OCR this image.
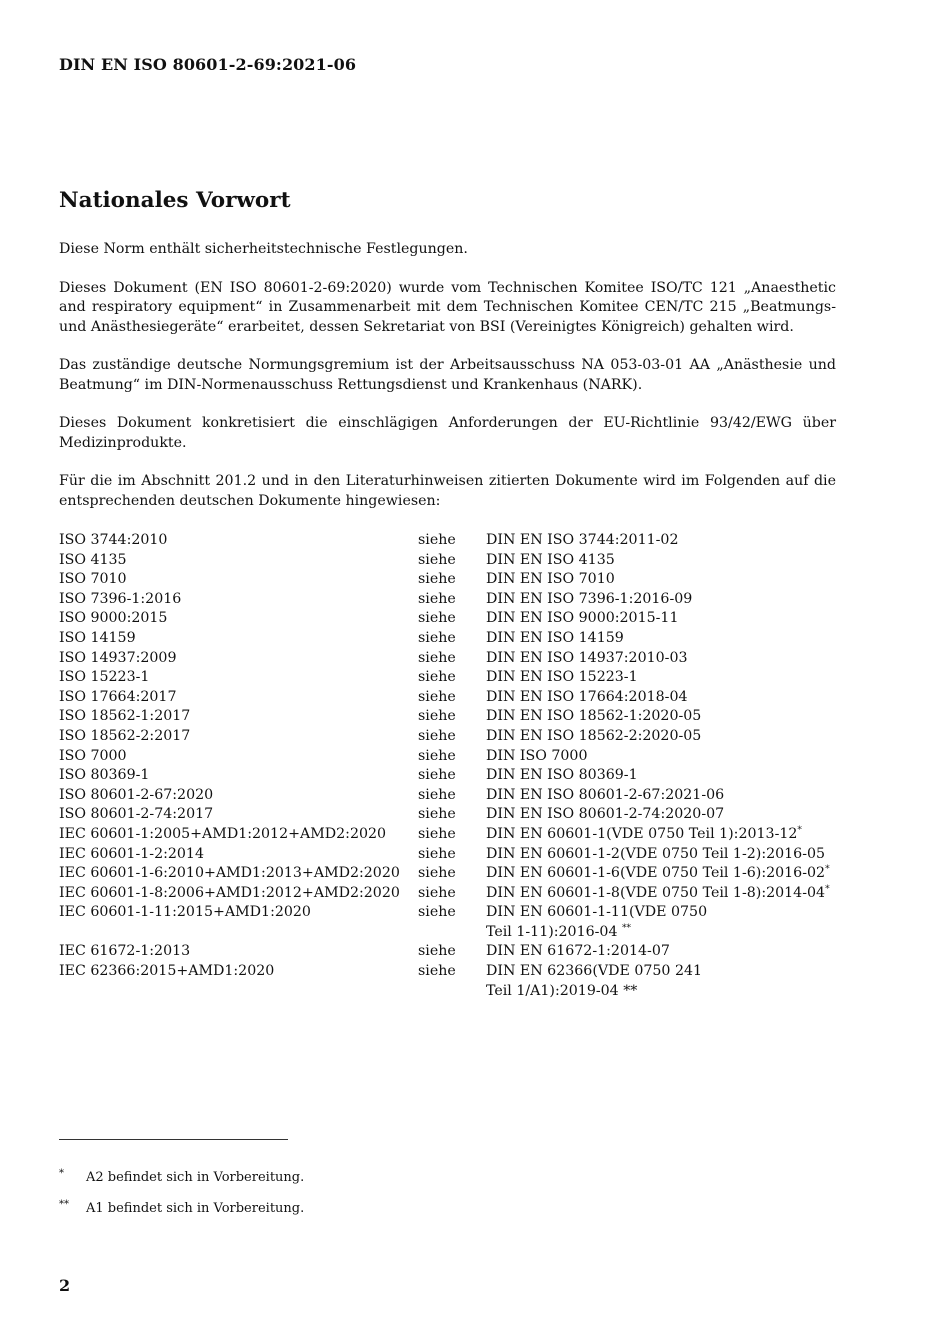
DIN EN ISO 80601-2-69:2021-06
Nationales Vorwort

Diese Norm enthält sicherheitstechnische Festlegungen.

Dieses Dokument (EN ISO 80601-2-69:2020) wurde vom Technischen Komitee ISO/TC 121 „Anaesthetic and respiratory equipment“ in Zusammenarbeit mit dem Technischen Komitee CEN/TC 215 „Beatmungs- und Anästhesiegeräte“ erarbeitet, dessen Sekretariat von BSI (Vereinigtes Königreich) gehalten wird.

Das zuständige deutsche Normungsgremium ist der Arbeitsausschuss NA 053-03-01 AA „Anästhesie und Beatmung“ im DIN-Normenausschuss Rettungsdienst und Krankenhaus (NARK).

Dieses Dokument konkretisiert die einschlägigen Anforderungen der EU-Richtlinie 93/42/EWG über Medizinprodukte.

Für die im Abschnitt 201.2 und in den Literaturhinweisen zitierten Dokumente wird im Folgenden auf die entsprechenden deutschen Dokumente hingewiesen:

ISO 3744:2010	siehe	DIN EN ISO 3744:2011-02
ISO 4135	siehe	DIN EN ISO 4135
ISO 7010	siehe	DIN EN ISO 7010
ISO 7396-1:2016	siehe	DIN EN ISO 7396-1:2016-09
ISO 9000:2015	siehe	DIN EN ISO 9000:2015-11
ISO 14159	siehe	DIN EN ISO 14159
ISO 14937:2009	siehe	DIN EN ISO 14937:2010-03
ISO 15223-1	siehe	DIN EN ISO 15223-1
ISO 17664:2017	siehe	DIN EN ISO 17664:2018-04
ISO 18562-1:2017	siehe	DIN EN ISO 18562-1:2020-05
ISO 18562-2:2017	siehe	DIN EN ISO 18562-2:2020-05
ISO 7000	siehe	DIN ISO 7000
ISO 80369-1	siehe	DIN EN ISO 80369-1
ISO 80601-2-67:2020	siehe	DIN EN ISO 80601-2-67:2021-06
ISO 80601-2-74:2017	siehe	DIN EN ISO 80601-2-74:2020-07
IEC 60601-1:2005+AMD1:2012+AMD2:2020	siehe	DIN EN 60601-1(VDE 0750 Teil 1):2013-12*
IEC 60601-1-2:2014	siehe	DIN EN 60601-1-2(VDE 0750 Teil 1-2):2016-05
IEC 60601-1-6:2010+AMD1:2013+AMD2:2020	siehe	DIN EN 60601-1-6(VDE 0750 Teil 1-6):2016-02*
IEC 60601-1-8:2006+AMD1:2012+AMD2:2020	siehe	DIN EN 60601-1-8(VDE 0750 Teil 1-8):2014-04*
IEC 60601-1-11:2015+AMD1:2020	siehe	DIN EN 60601-1-11(VDE 0750
Teil 1-11):2016-04 **
IEC 61672-1:2013	siehe	DIN EN 61672-1:2014-07
IEC 62366:2015+AMD1:2020	siehe	DIN EN 62366(VDE 0750 241
Teil 1/A1):2019-04 **
* A2 befindet sich in Vorbereitung.
** A1 befindet sich in Vorbereitung.
2
